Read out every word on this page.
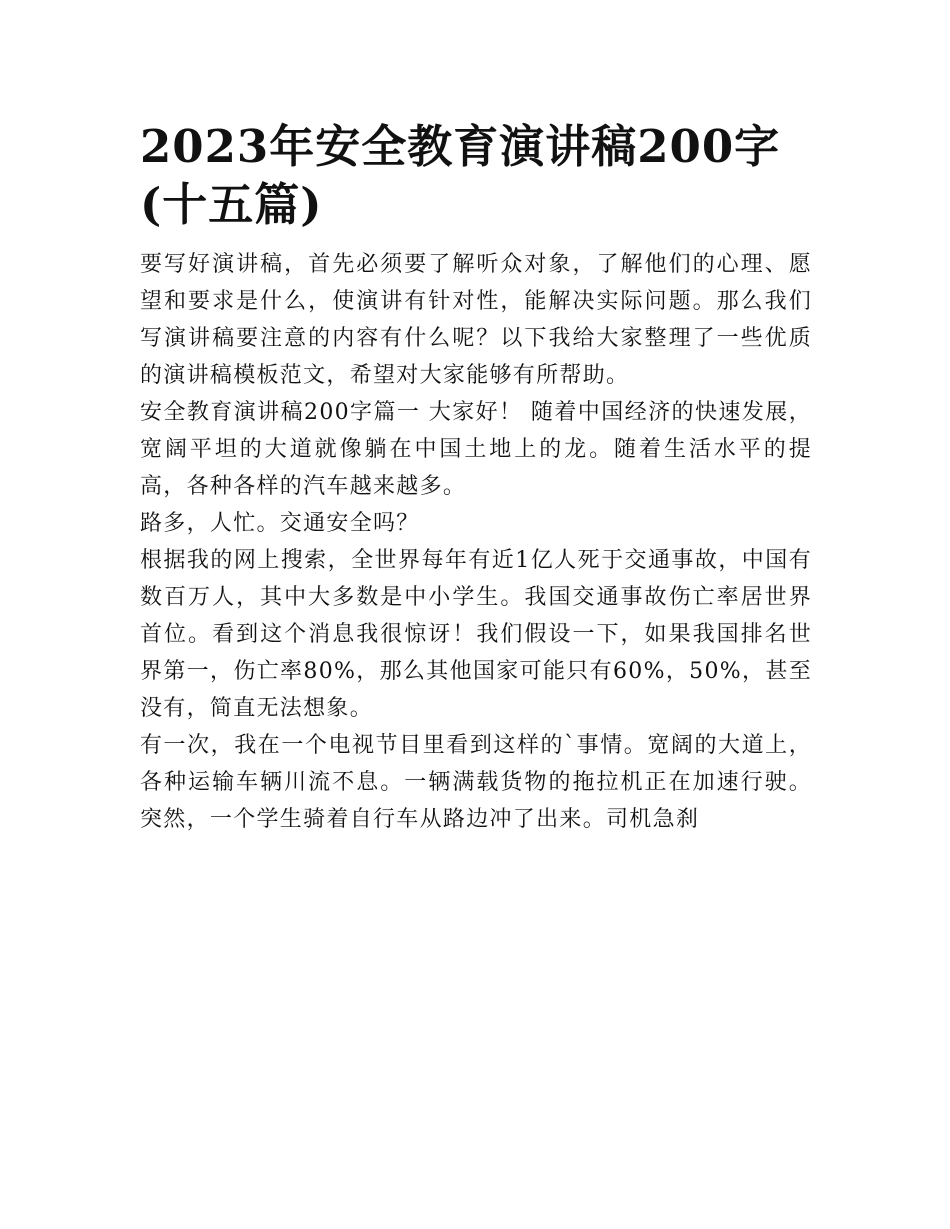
2023年安全教育演讲稿200字(十五篇)

要写好演讲稿，首先必须要了解听众对象，了解他们的心理、愿望和要求是什么，使演讲有针对性，能解决实际问题。那么我们写演讲稿要注意的内容有什么呢？以下我给大家整理了一些优质的演讲稿模板范文，希望对大家能够有所帮助。

安全教育演讲稿200字篇一 大家好！ 随着中国经济的快速发展，宽阔平坦的大道就像躺在中国土地上的龙。随着生活水平的提高，各种各样的汽车越来越多。

路多，人忙。交通安全吗？

根据我的网上搜索，全世界每年有近1亿人死于交通事故，中国有数百万人，其中大多数是中小学生。我国交通事故伤亡率居世界首位。看到这个消息我很惊讶！我们假设一下，如果我国排名世界第一，伤亡率80%，那么其他国家可能只有60%，50%，甚至没有，简直无法想象。

有一次，我在一个电视节目里看到这样的`事情。宽阔的大道上，各种运输车辆川流不息。一辆满载货物的拖拉机正在加速行驶。突然，一个学生骑着自行车从路边冲了出来。司机急刹
